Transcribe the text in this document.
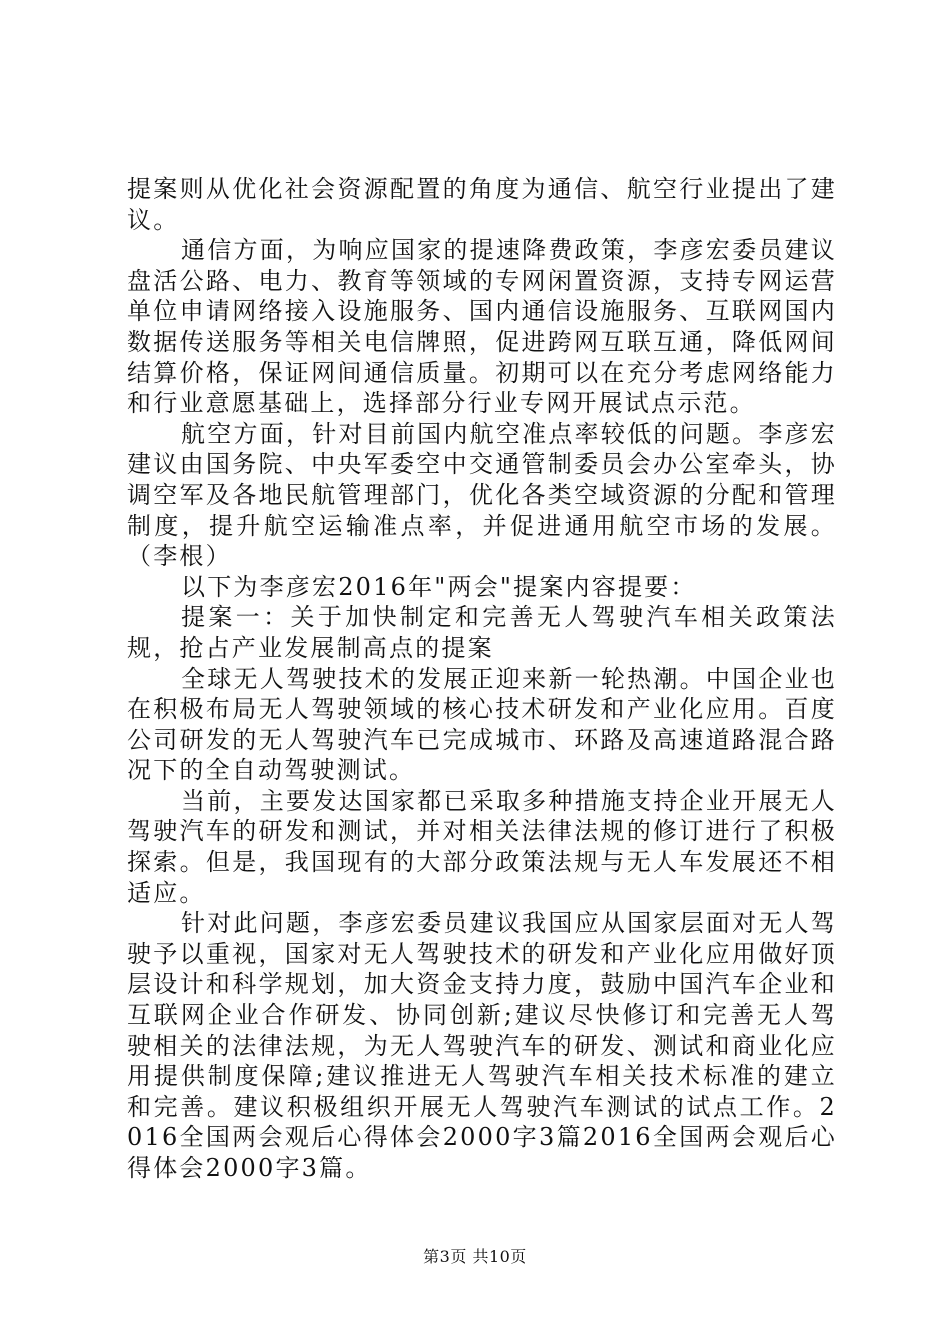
提案则从优化社会资源配置的角度为通信、航空行业提出了建议。

通信方面，为响应国家的提速降费政策，李彦宏委员建议盘活公路、电力、教育等领域的专网闲置资源，支持专网运营单位申请网络接入设施服务、国内通信设施服务、互联网国内数据传送服务等相关电信牌照，促进跨网互联互通，降低网间结算价格，保证网间通信质量。初期可以在充分考虑网络能力和行业意愿基础上，选择部分行业专网开展试点示范。

航空方面，针对目前国内航空准点率较低的问题。李彦宏建议由国务院、中央军委空中交通管制委员会办公室牵头，协调空军及各地民航管理部门，优化各类空域资源的分配和管理制度，提升航空运输准点率，并促进通用航空市场的发展。（李根）

以下为李彦宏2016年"两会"提案内容提要：

提案一：关于加快制定和完善无人驾驶汽车相关政策法规，抢占产业发展制高点的提案

全球无人驾驶技术的发展正迎来新一轮热潮。中国企业也在积极布局无人驾驶领域的核心技术研发和产业化应用。百度公司研发的无人驾驶汽车已完成城市、环路及高速道路混合路况下的全自动驾驶测试。

当前，主要发达国家都已采取多种措施支持企业开展无人驾驶汽车的研发和测试，并对相关法律法规的修订进行了积极探索。但是，我国现有的大部分政策法规与无人车发展还不相适应。

针对此问题，李彦宏委员建议我国应从国家层面对无人驾驶予以重视，国家对无人驾驶技术的研发和产业化应用做好顶层设计和科学规划，加大资金支持力度，鼓励中国汽车企业和互联网企业合作研发、协同创新;建议尽快修订和完善无人驾驶相关的法律法规，为无人驾驶汽车的研发、测试和商业化应用提供制度保障;建议推进无人驾驶汽车相关技术标准的建立和完善。建议积极组织开展无人驾驶汽车测试的试点工作。2016全国两会观后心得体会2000字3篇2016全国两会观后心得体会2000字3篇。

第3页 共10页
